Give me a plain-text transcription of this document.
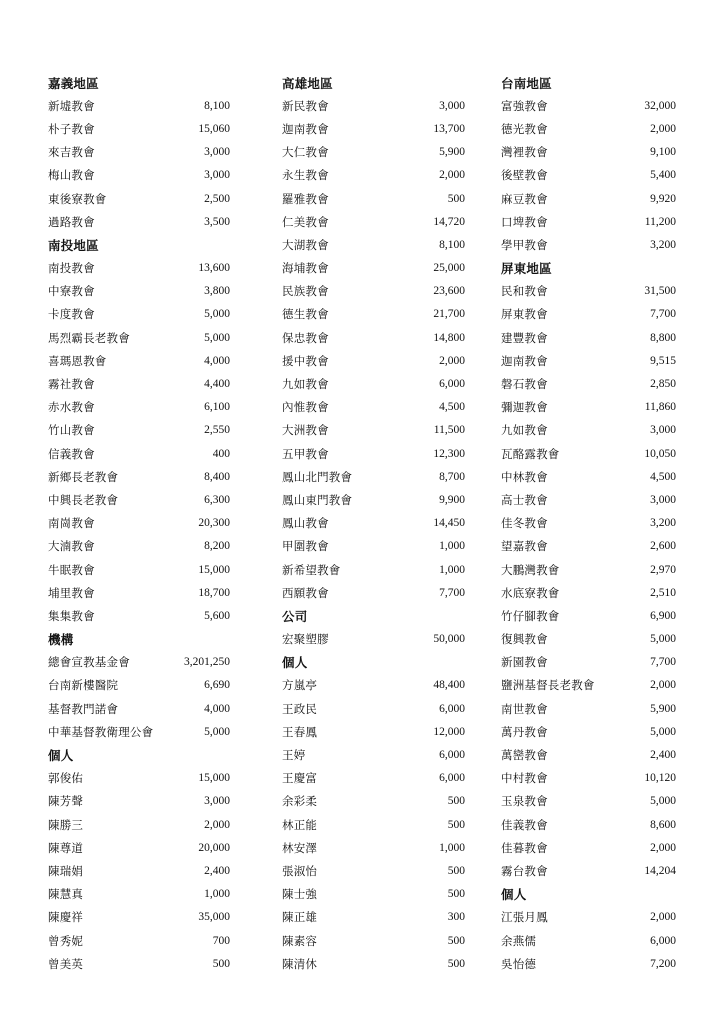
嘉義地區
新墟教會	8,100
朴子教會	15,060
來吉教會	3,000
梅山教會	3,000
東後寮教會	2,500
過路教會	3,500
南投地區
南投教會	13,600
中寮教會	3,800
卡度教會	5,000
馬烈霸長老教會	5,000
喜瑪恩教會	4,000
霧社教會	4,400
赤水教會	6,100
竹山教會	2,550
信義教會	400
新鄉長老教會	8,400
中興長老教會	6,300
南崗教會	20,300
大湳教會	8,200
牛眠教會	15,000
埔里教會	18,700
集集教會	5,600
機構
總會宣教基金會	3,201,250
台南新樓醫院	6,690
基督教門諾會	4,000
中華基督教衛理公會	5,000
個人
郭俊佑	15,000
陳芳聲	3,000
陳勝三	2,000
陳尊道	20,000
陳瑞娟	2,400
陳慧真	1,000
陳慶祥	35,000
曾秀妮	700
曾美英	500
高雄地區
新民教會	3,000
迦南教會	13,700
大仁教會	5,900
永生教會	2,000
羅雅教會	500
仁美教會	14,720
大湖教會	8,100
海埔教會	25,000
民族教會	23,600
德生教會	21,700
保忠教會	14,800
援中教會	2,000
九如教會	6,000
內惟教會	4,500
大洲教會	11,500
五甲教會	12,300
鳳山北門教會	8,700
鳳山東門教會	9,900
鳳山教會	14,450
甲圍教會	1,000
新希望教會	1,000
西願教會	7,700
公司
宏聚塑膠	50,000
個人
方嵐亭	48,400
王政民	6,000
王春鳳	12,000
王婷	6,000
王慶富	6,000
余彩柔	500
林正能	500
林安澤	1,000
張淑怡	500
陳士強	500
陳正雄	300
陳素容	500
陳清休	500
台南地區
富強教會	32,000
德光教會	2,000
灣裡教會	9,100
後壁教會	5,400
麻豆教會	9,920
口埤教會	11,200
學甲教會	3,200
屏東地區
民和教會	31,500
屏東教會	7,700
建豐教會	8,800
迦南教會	9,515
磐石教會	2,850
彌迦教會	11,860
九如教會	3,000
瓦酪露教會	10,050
中林教會	4,500
高士教會	3,000
佳冬教會	3,200
望嘉教會	2,600
大鵬灣教會	2,970
水底寮教會	2,510
竹仔腳教會	6,900
復興教會	5,000
新園教會	7,700
鹽洲基督長老教會	2,000
南世教會	5,900
萬丹教會	5,000
萬巒教會	2,400
中村教會	10,120
玉泉教會	5,000
佳義教會	8,600
佳暮教會	2,000
霧台教會	14,204
個人
江張月鳳	2,000
余燕儒	6,000
吳怡德	7,200
